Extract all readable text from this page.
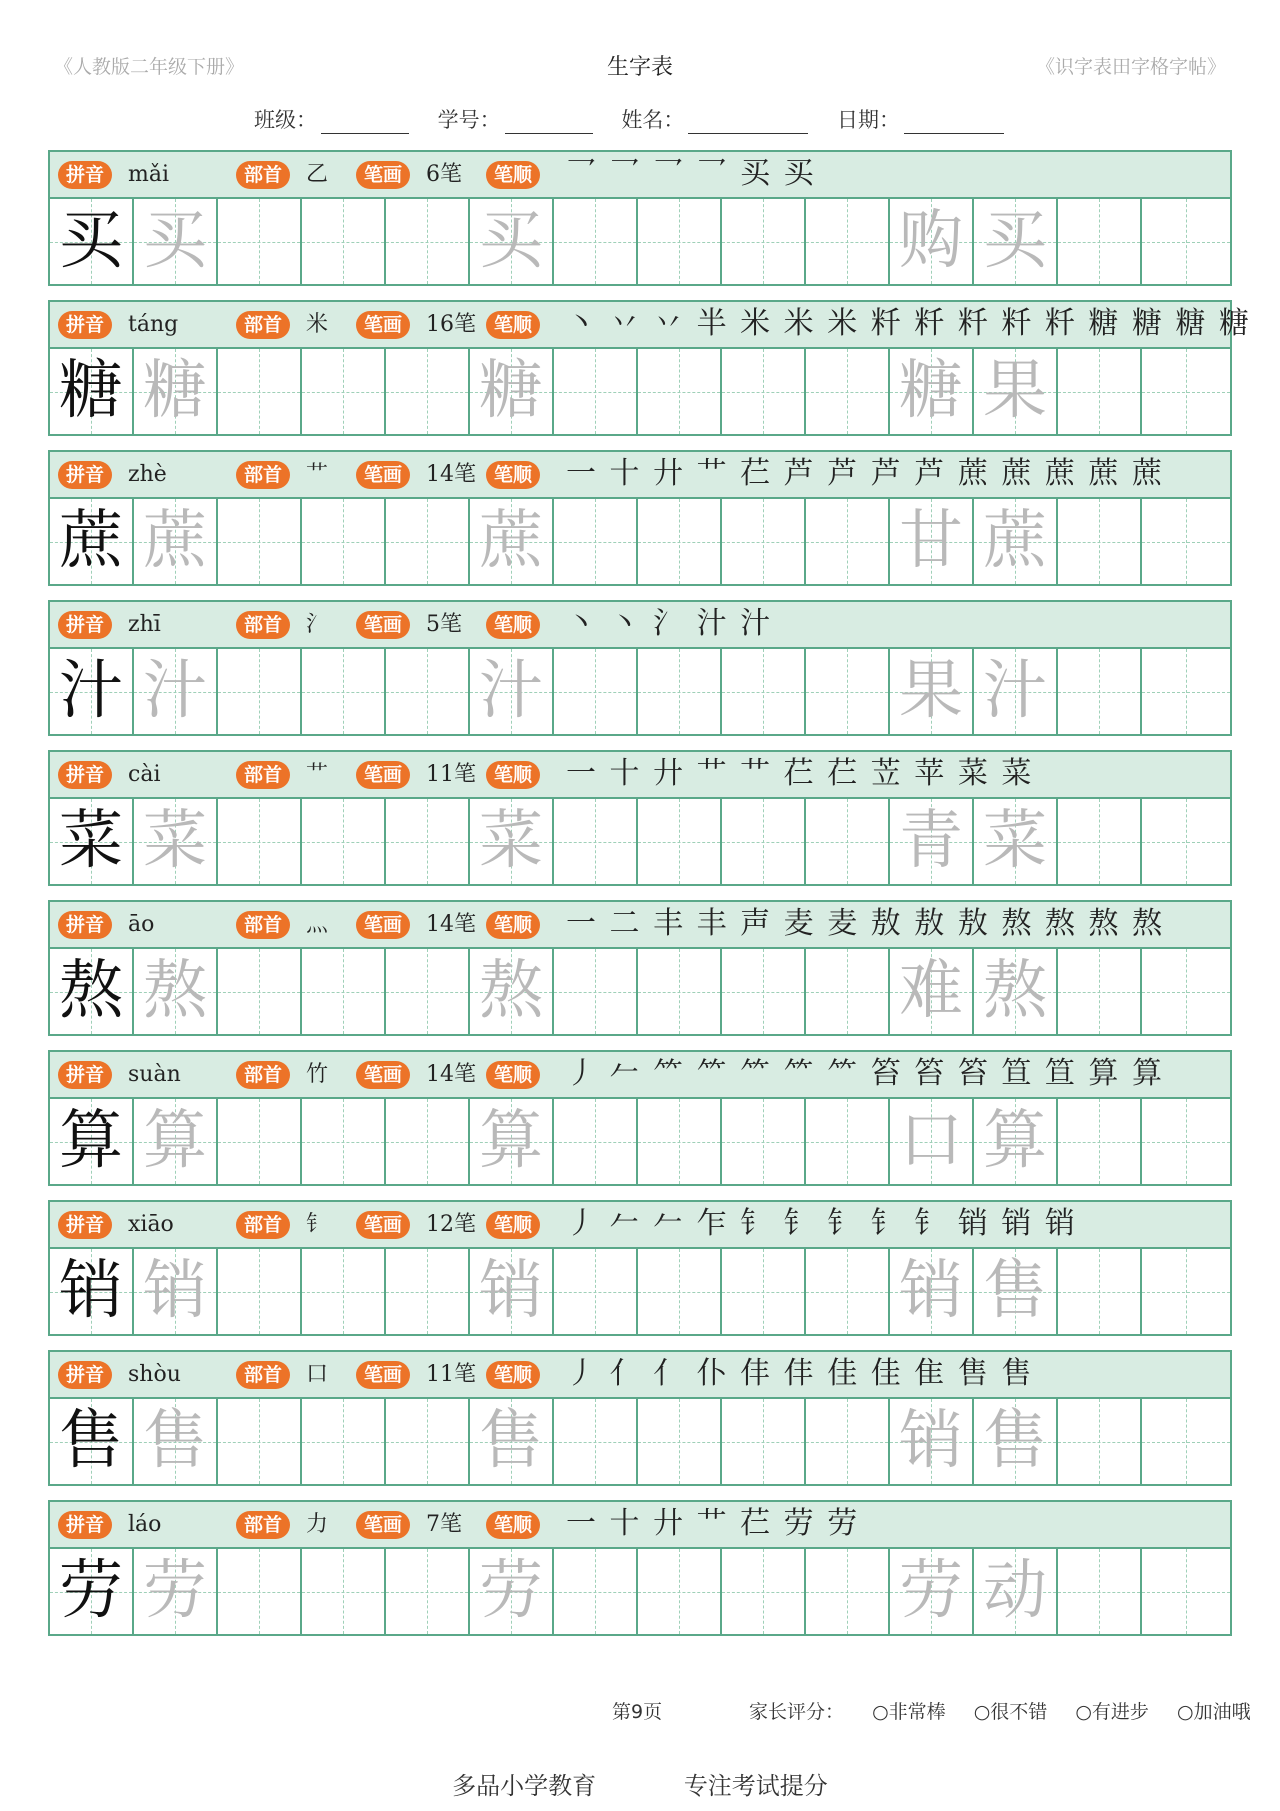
《人教版二年级下册》	生字表	《识字表田字格字帖》
班级：	学号：	姓名：	日期：
拼音	mǎi	部首	乙	笔画	6笔	笔顺 乛 乛 乛 乛 买 买
买 买	买	购 买
拼音	táng	部首	米	笔画	16笔 笔顺 丶 丷 丷 半 米 米 米 粁 粁 粁 粁 粁 糖 糖 糖 糖
糖 糖	糖	糖 果
拼音	zhè	部首	艹	笔画	14笔 笔顺 一 十 廾 艹 芢 芦 芦 芦 芦 蔗 蔗 蔗 蔗 蔗
蔗 蔗	蔗	甘 蔗
拼音	zhī	部首	氵	笔画	5笔	笔顺 丶 丶 氵 汁 汁
汁 汁	汁	果 汁
拼音	cài	部首	艹	笔画	11笔 笔顺 一 十 廾 艹 艹 芢 芢 苙 苹 菜 菜
菜 菜	菜	青 菜
拼音	āo	部首	灬	笔画	14笔 笔顺 一 二 丰 丰 声 麦 麦 敖 敖 敖 熬 熬 熬 熬
熬 熬	熬	难 熬
拼音	suàn	部首	竹	笔画	14笔 笔顺 丿 𠂉 ⺮ ⺮ ⺮ ⺮ ⺮ 笞 笞 笞 笪 笪 算 算
算 算	算	口 算
拼音	xiāo	部首	钅	笔画	12笔 笔顺 丿 𠂉 𠂉 乍 钅 钅 钅 钅 钅 销 销 销
销 销	销	销 售
拼音	shòu	部首	口	笔画	11笔 笔顺 丿 亻 亻 仆 仹 仹 佳 佳 隹 售 售
售 售	售	销 售
拼音	láo	部首	力	笔画	7笔	笔顺 一 十 廾 艹 芢 劳 劳
劳 劳	劳	劳 动
第9页	家长评分： ○非常棒 ○很不错 ○有进步 ○加油哦
多品小学教育	专注考试提分
